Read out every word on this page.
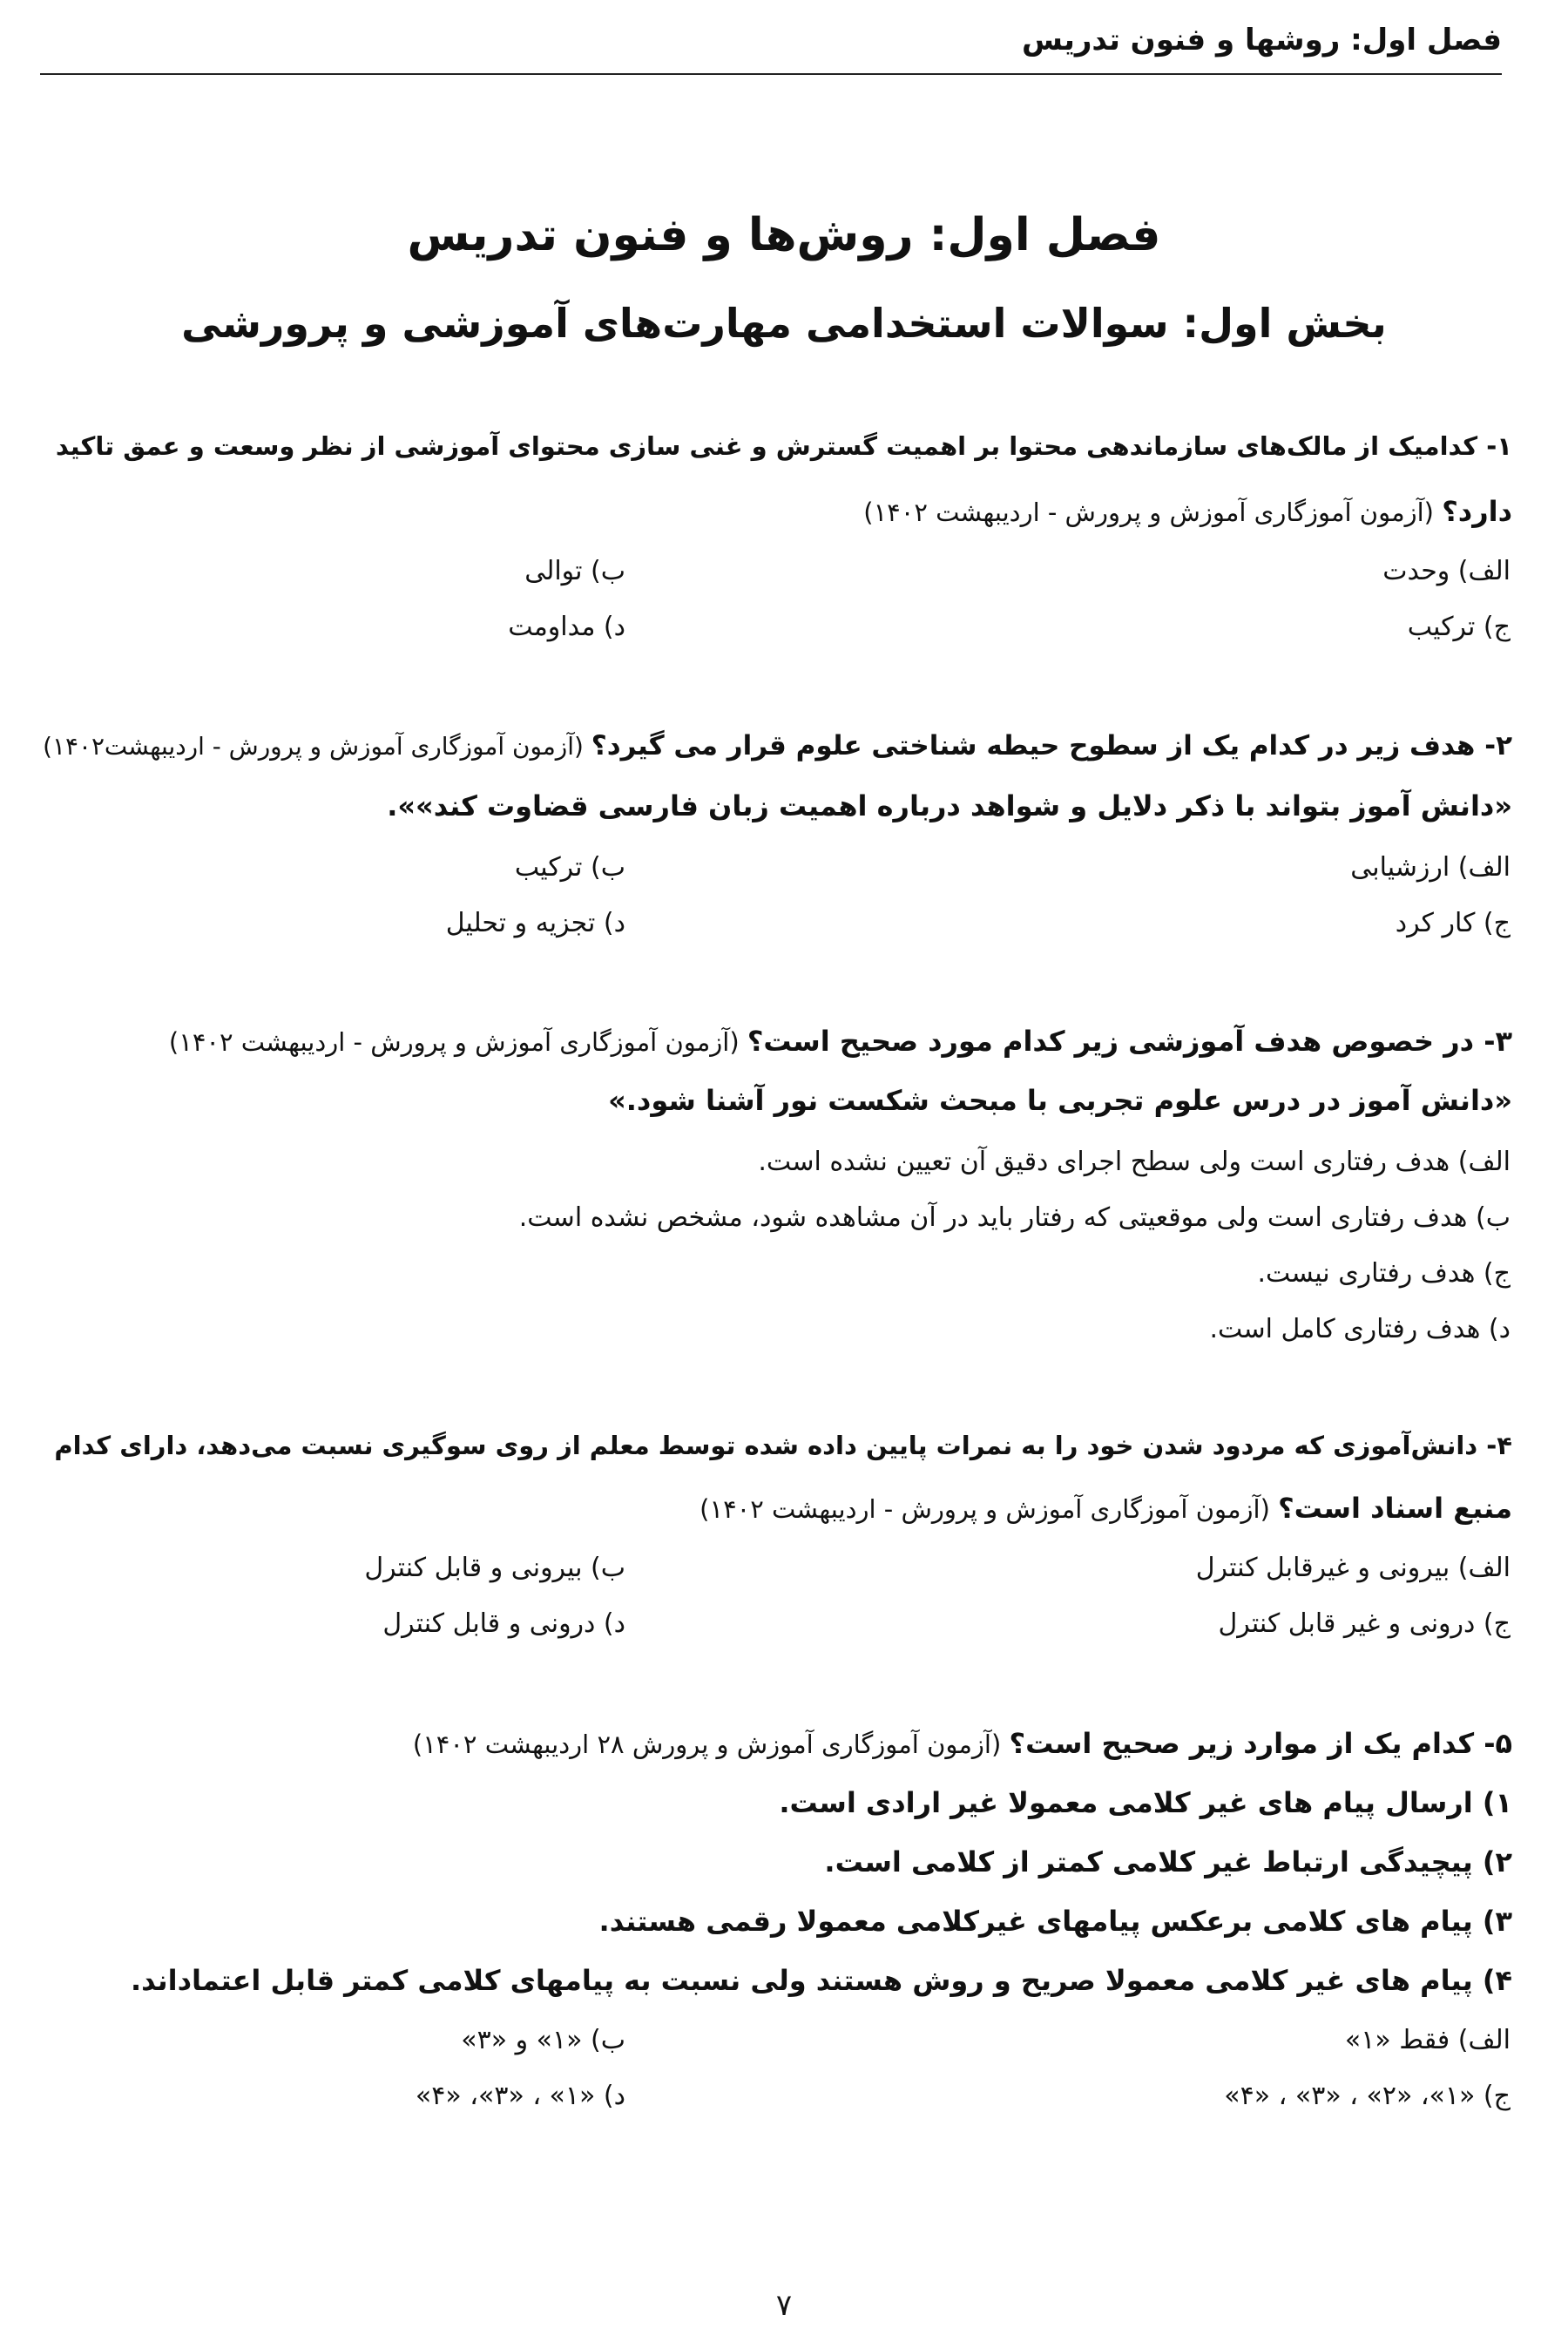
فصل اول: روشها و فنون تدریس
فصل اول: روش‌ها و فنون تدریس
بخش اول: سوالات استخدامی مهارت‌های آموزشی و پرورشی
۱- کدامیک از مالک‌های سازماندهی محتوا بر اهمیت گسترش و غنی سازی محتوای آموزشی از نظر وسعت و عمق تاکید
دارد؟ (آزمون آموزگاری آموزش و پرورش - اردیبهشت ۱۴۰۲)
الف) وحدت
ب) توالی
ج) ترکیب
د) مداومت
۲- هدف زیر در کدام یک از سطوح حیطه شناختی علوم قرار می گیرد؟ (آزمون آموزگاری آموزش و پرورش - اردیبهشت۱۴۰۲)
«دانش آموز بتواند با ذکر دلایل و شواهد درباره اهمیت زبان فارسی قضاوت کند»».
الف) ارزشیابی
ب) ترکیب
ج) کار کرد
د) تجزیه و تحلیل
۳- در خصوص هدف آموزشی زیر کدام مورد صحیح است؟ (آزمون آموزگاری آموزش و پرورش - اردیبهشت ۱۴۰۲)
«دانش آموز در درس علوم تجربی با مبحث شکست نور آشنا شود.»
الف) هدف رفتاری است ولی سطح اجرای دقیق آن تعیین نشده است.
ب) هدف رفتاری است ولی موقعیتی که رفتار باید در آن مشاهده شود، مشخص نشده است.
ج) هدف رفتاری نیست.
د) هدف رفتاری کامل است.
۴- دانش‌آموزی که مردود شدن خود را به نمرات پایین داده شده توسط معلم از روی سوگیری نسبت می‌دهد، دارای کدام
منبع اسناد است؟ (آزمون آموزگاری آموزش و پرورش - اردیبهشت ۱۴۰۲)
الف) بیرونی و غیرقابل کنترل
ب) بیرونی و قابل کنترل
ج) درونی و غیر قابل کنترل
د) درونی و قابل کنترل
۵- کدام یک از موارد زیر صحیح است؟ (آزمون آموزگاری آموزش و پرورش ۲۸ اردیبهشت ۱۴۰۲)
۱) ارسال پیام های غیر کلامی معمولا غیر ارادی است.
۲) پیچیدگی ارتباط غیر کلامی کمتر از کلامی است.
۳) پیام های کلامی برعکس پیامهای غیرکلامی معمولا رقمی هستند.
۴) پیام های غیر کلامی معمولا صریح و روش هستند ولی نسبت به پیامهای کلامی کمتر قابل اعتماداند.
الف) فقط «۱»
ب) «۱» و «۳»
ج) «۱»، «۲» ، «۳» ، «۴»
د) «۱» ، «۳»، «۴»
۷
